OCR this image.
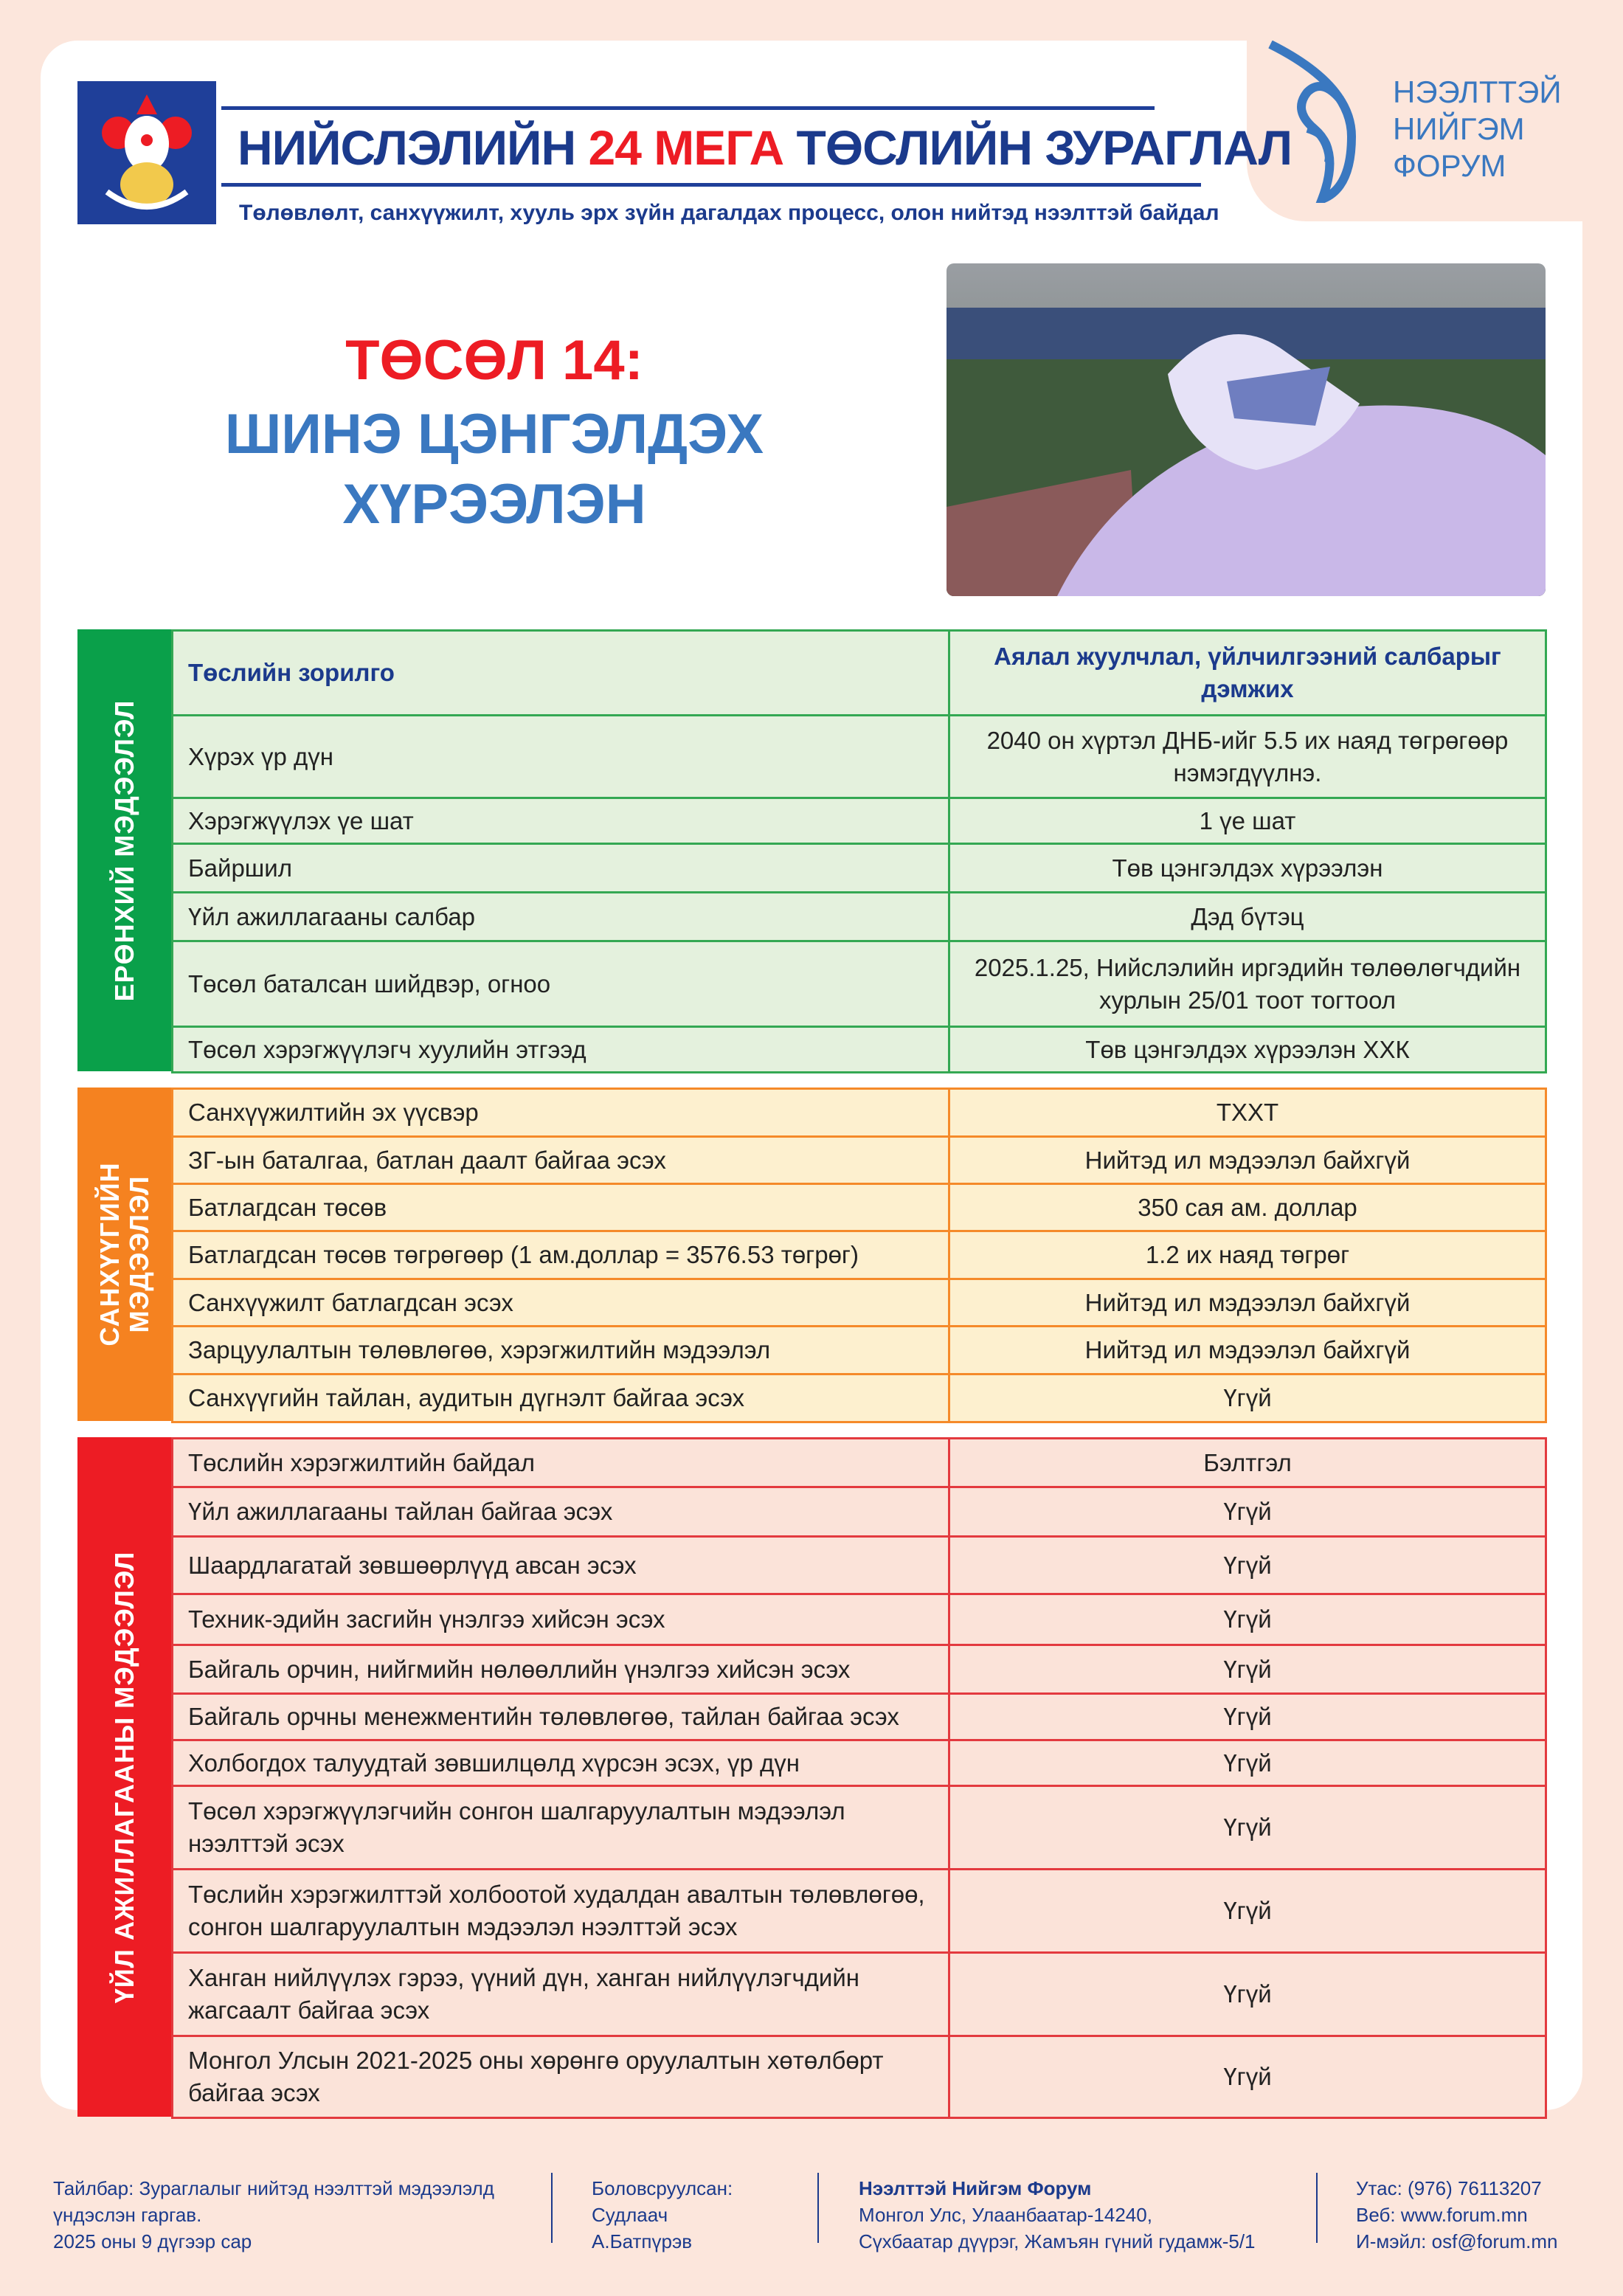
НИЙСЛЭЛИЙН 24 МЕГА ТӨСЛИЙН ЗУРАГЛАЛ
Төлөвлөлт, санхүүжилт, хууль эрх зүйн дагалдах процесс, олон нийтэд нээлттэй байдал
НЭЭЛТТЭЙ
НИЙГЭМ
ФОРУМ
ТӨСӨЛ 14:
ШИНЭ ЦЭНГЭЛДЭХ
ХҮРЭЭЛЭН
ЕРӨНХИЙ МЭДЭЭЛЭЛ
Төслийн зорилго	Аялал жуулчлал, үйлчилгээний салбарыг дэмжих
Хүрэх үр дүн	2040 он хүртэл ДНБ-ийг 5.5 их наяд төгрөгөөр нэмэгдүүлнэ.
Хэрэгжүүлэх үе шат	1 үе шат
Байршил	Төв цэнгэлдэх хүрээлэн
Үйл ажиллагааны салбар	Дэд бүтэц
Төсөл баталсан шийдвэр, огноо	2025.1.25, Нийслэлийн иргэдийн төлөөлөгчдийн хурлын 25/01 тоот тогтоол
Төсөл хэрэгжүүлэгч хуулийн этгээд	Төв цэнгэлдэх хүрээлэн ХХК
САНХҮҮГИЙН
МЭДЭЭЛЭЛ
Санхүүжилтийн эх үүсвэр	ТХХТ
ЗГ-ын баталгаа, батлан даалт байгаа эсэх	Нийтэд ил мэдээлэл байхгүй
Батлагдсан төсөв	350 сая ам. доллар
Батлагдсан төсөв төгрөгөөр (1 ам.доллар = 3576.53 төгрөг)	1.2 их наяд төгрөг
Санхүүжилт батлагдсан эсэх	Нийтэд ил мэдээлэл байхгүй
Зарцуулалтын төлөвлөгөө, хэрэгжилтийн мэдээлэл	Нийтэд ил мэдээлэл байхгүй
Санхүүгийн тайлан, аудитын дүгнэлт байгаа эсэх	Үгүй
ҮЙЛ АЖИЛЛАГААНЫ МЭДЭЭЛЭЛ
Төслийн хэрэгжилтийн байдал	Бэлтгэл
Үйл ажиллагааны тайлан байгаа эсэх	Үгүй
Шаардлагатай зөвшөөрлүүд авсан эсэх	Үгүй
Техник-эдийн засгийн үнэлгээ хийсэн эсэх	Үгүй
Байгаль орчин, нийгмийн нөлөөллийн үнэлгээ хийсэн эсэх	Үгүй
Байгаль орчны менежментийн төлөвлөгөө, тайлан байгаа эсэх	Үгүй
Холбогдох талуудтай зөвшилцөлд хүрсэн эсэх, үр дүн	Үгүй
Төсөл хэрэгжүүлэгчийн сонгон шалгаруулалтын мэдээлэл нээлттэй эсэх	Үгүй
Төслийн хэрэгжилттэй холбоотой худалдан авалтын төлөвлөгөө, сонгон шалгаруулалтын мэдээлэл нээлттэй эсэх	Үгүй
Ханган нийлүүлэх гэрээ, үүний дүн, ханган нийлүүлэгчдийн жагсаалт байгаа эсэх	Үгүй
Монгол Улсын 2021-2025 оны хөрөнгө оруулалтын хөтөлбөрт байгаа эсэх	Үгүй
Тайлбар: Зураглалыг нийтэд нээлттэй мэдээлэлд
үндэслэн гаргав.
2025 оны 9 дүгээр сар
Боловсруулсан:
Судлаач
А.Батпүрэв
Нээлттэй Нийгэм Форум
Монгол Улс, Улаанбаатар-14240,
Сүхбаатар дүүрэг, Жамъян гүний гудамж-5/1
Утас: (976) 76113207
Веб: www.forum.mn
И-мэйл: osf@forum.mn
